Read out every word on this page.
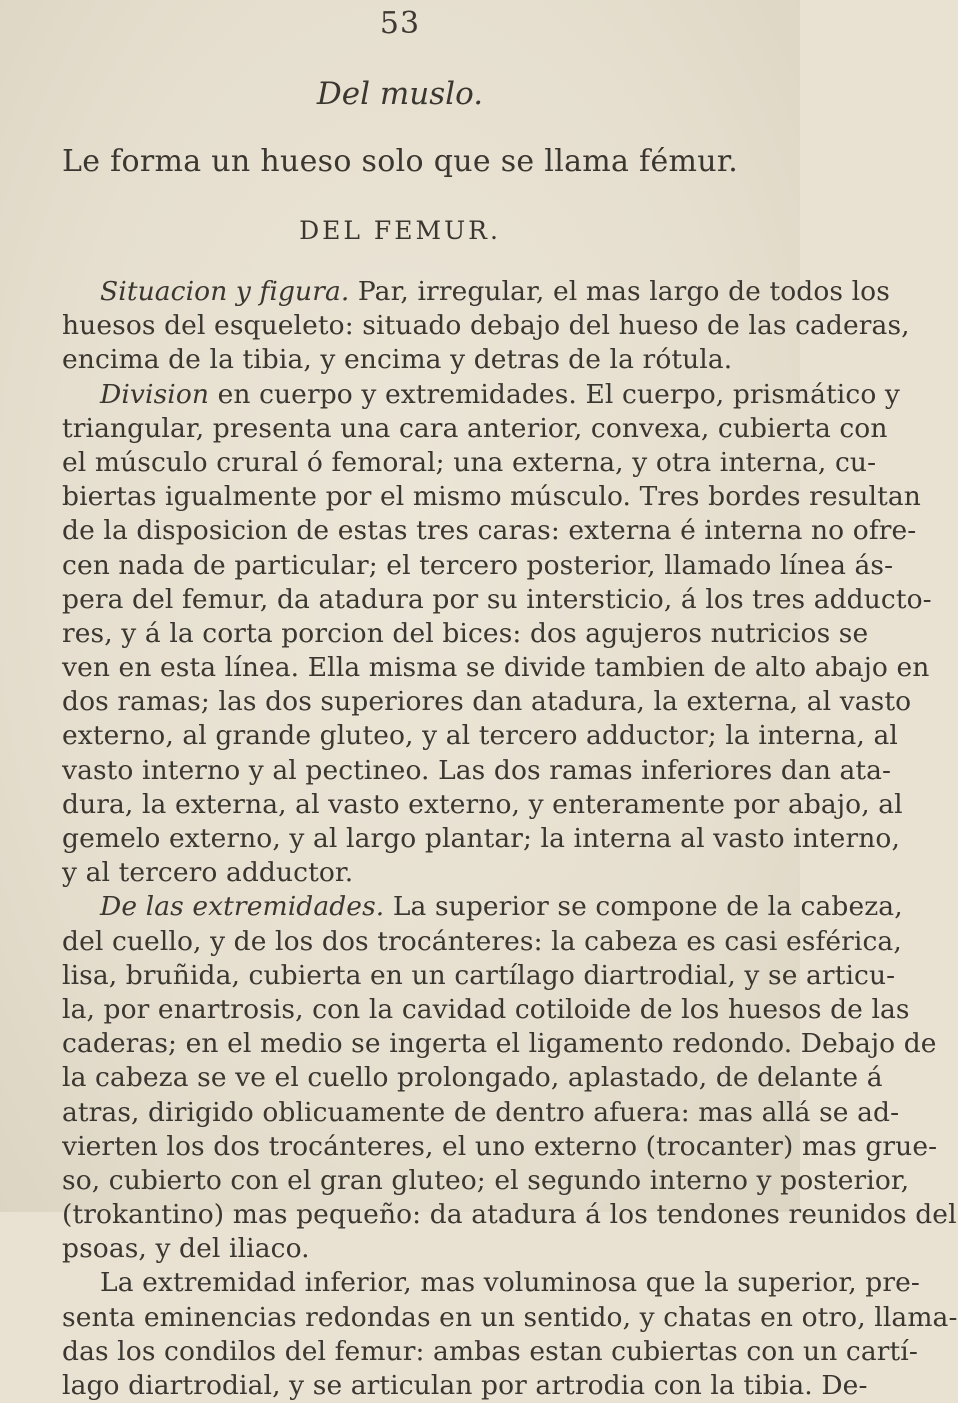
53
Del muslo.
Le forma un hueso solo que se llama fémur.
DEL FEMUR.
Situacion y figura. Par, irregular, el mas largo de todos los
huesos del esqueleto: situado debajo del hueso de las caderas,
encima de la tibia, y encima y detras de la rótula.
Division en cuerpo y extremidades. El cuerpo, prismático y
triangular, presenta una cara anterior, convexa, cubierta con
el músculo crural ó femoral; una externa, y otra interna, cu-
biertas igualmente por el mismo músculo. Tres bordes resultan
de la disposicion de estas tres caras: externa é interna no ofre-
cen nada de particular; el tercero posterior, llamado línea ás-
pera del femur, da atadura por su intersticio, á los tres adducto-
res, y á la corta porcion del bices: dos agujeros nutricios se
ven en esta línea. Ella misma se divide tambien de alto abajo en
dos ramas; las dos superiores dan atadura, la externa, al vasto
externo, al grande gluteo, y al tercero adductor; la interna, al
vasto interno y al pectineo. Las dos ramas inferiores dan ata-
dura, la externa, al vasto externo, y enteramente por abajo, al
gemelo externo, y al largo plantar; la interna al vasto interno,
y al tercero adductor.
De las extremidades. La superior se compone de la cabeza,
del cuello, y de los dos trocánteres: la cabeza es casi esférica,
lisa, bruñida, cubierta en un cartílago diartrodial, y se articu-
la, por enartrosis, con la cavidad cotiloide de los huesos de las
caderas; en el medio se ingerta el ligamento redondo. Debajo de
la cabeza se ve el cuello prolongado, aplastado, de delante á
atras, dirigido oblicuamente de dentro afuera: mas allá se ad-
vierten los dos trocánteres, el uno externo (trocanter) mas grue-
so, cubierto con el gran gluteo; el segundo interno y posterior,
(trokantino) mas pequeño: da atadura á los tendones reunidos del
psoas, y del iliaco.
La extremidad inferior, mas voluminosa que la superior, pre-
senta eminencias redondas en un sentido, y chatas en otro, llama-
das los condilos del femur: ambas estan cubiertas con un cartí-
lago diartrodial, y se articulan por artrodia con la tibia. De-
